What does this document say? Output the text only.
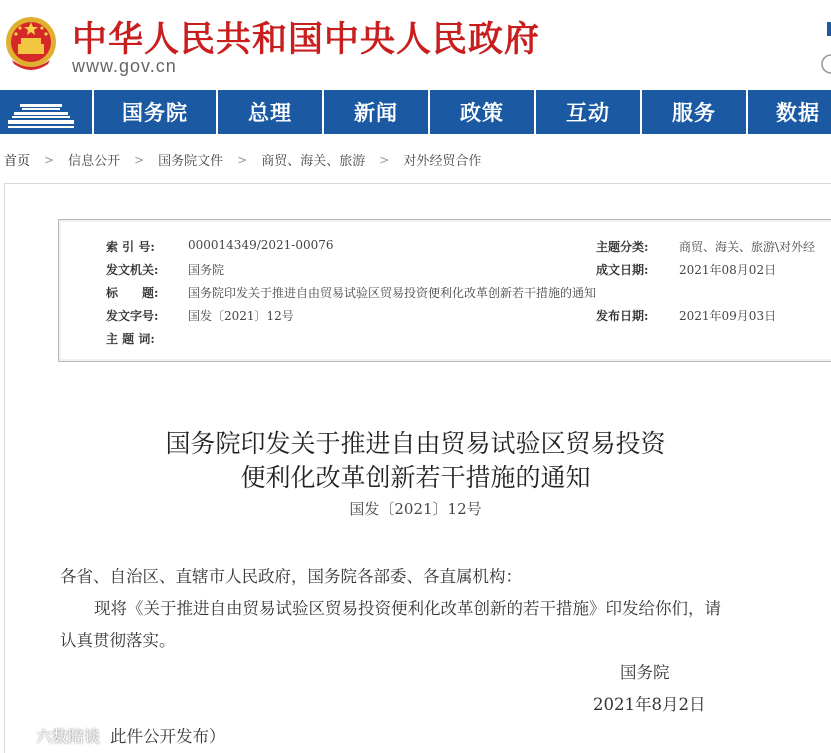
中华人民共和国中央人民政府
www.gov.cn
国务院	总理	新闻	政策	互动	服务	数据
首页 > 信息公开 > 国务院文件 > 商贸、海关、旅游 > 对外经贸合作
索 引 号:	000014349/2021-00076	主题分类:	商贸、海关、旅游\对外经
发文机关: 国务院	成文日期:	2021年08月02日
标　　题: 国务院印发关于推进自由贸易试验区贸易投资便利化改革创新若干措施的通知
发文字号: 国发〔2021〕12号	发布日期:	2021年09月03日
主 题 词:
国务院印发关于推进自由贸易试验区贸易投资
便利化改革创新若干措施的通知
国发〔2021〕12号
各省、自治区、直辖市人民政府，国务院各部委、各直属机构：
现将《关于推进自由贸易试验区贸易投资便利化改革创新的若干措施》印发给你们，请
认真贯彻落实。
国务院
2021年8月2日
此件公开发布）
六数陪谈
